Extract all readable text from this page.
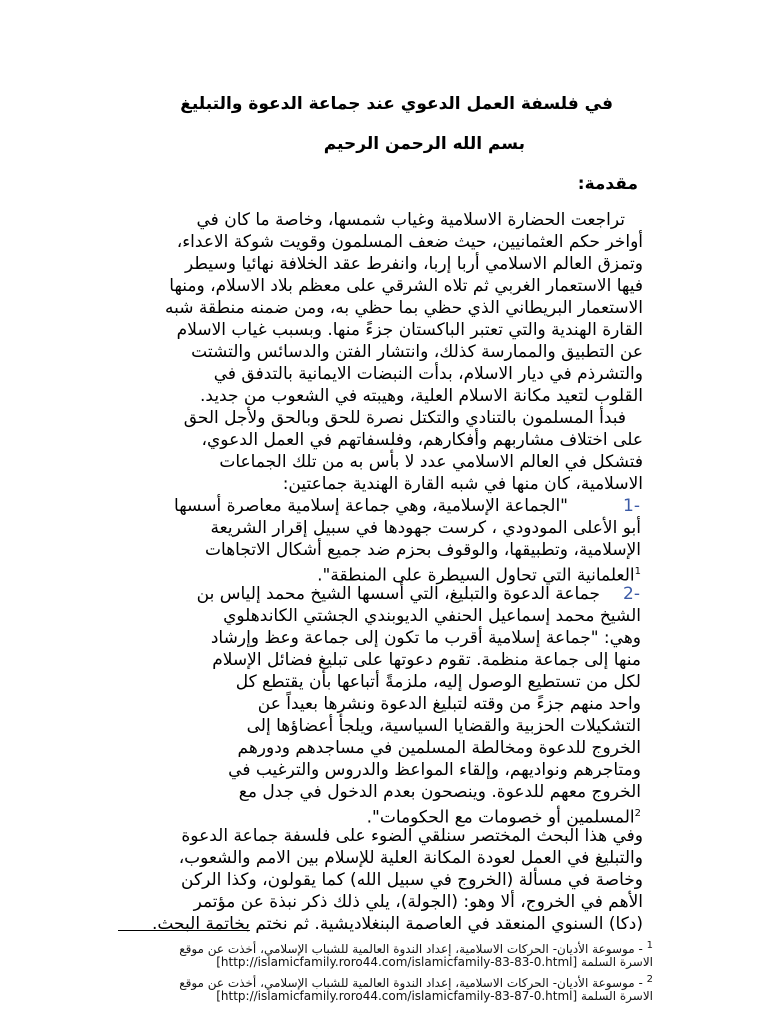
في فلسفة العمل الدعوي عند جماعة الدعوة والتبليغ
بسم الله الرحمن الرحيم
مقدمة:
تراجعت الحضارة الاسلامية وغياب شمسها، وخاصة ما كان في
أواخر حكم العثمانيين، حيث ضعف المسلمون وقويت شوكة الاعداء،
وتمزق العالم الاسلامي أربا إربا، وانفرط عقد الخلافة نهائيا وسيطر
فيها الاستعمار الغربي ثم تلاه الشرقي على معظم بلاد الاسلام، ومنها
الاستعمار البريطاني الذي حظي بما حظي به، ومن ضمنه منطقة شبه
القارة الهندية والتي تعتبر الباكستان جزءً منها. وبسبب غياب الاسلام
عن التطبيق والممارسة كذلك، وانتشار الفتن والدسائس والتشتت
والتشرذم في ديار الاسلام، بدأت النبضات الايمانية بالتدفق في
القلوب لتعيد مكانة الاسلام العلية، وهيبته في الشعوب من جديد.
فبدأ المسلمون بالتنادي والتكتل نصرة للحق وبالحق ولأجل الحق
على اختلاف مشاربهم وأفكارهم، وفلسفاتهم في العمل الدعوي،
فتشكل في العالم الاسلامي عدد لا بأس به من تلك الجماعات
الاسلامية، كان منها في شبه القارة الهندية جماعتين:
-1
"الجماعة الإسلامية، وهي جماعة إسلامية معاصرة أسسها
أبو الأعلى المودودي ، كرست جهودها في سبيل إقرار الشريعة
الإسلامية، وتطبيقها، والوقوف بحزم ضد جميع أشكال الاتجاهات
$^1$العلمانية التي تحاول السيطرة على المنطقة".
-2
جماعة الدعوة والتبليغ، التي أسسها الشيخ محمد إلياس بن
الشيخ محمد إسماعيل الحنفي الديوبندي الجشتي الكاندهلوي
وهي: "جماعة إسلامية أقرب ما تكون إلى جماعة وعظ وإرشاد
منها إلى جماعة منظمة. تقوم دعوتها على تبليغ فضائل الإسلام
لكل من تستطيع الوصول إليه، ملزمةً أتباعها بأن يقتطع كل
واحد منهم جزءً من وقته لتبليغ الدعوة ونشرها بعيداً عن
التشكيلات الحزبية والقضايا السياسية، ويلجأ أعضاؤها إلى
الخروج للدعوة ومخالطة المسلمين في مساجدهم ودورهم
ومتاجرهم ونواديهم، وإلقاء المواعظ والدروس والترغيب في
الخروج معهم للدعوة. وينصحون بعدم الدخول في جدل مع
$^2$المسلمين أو خصومات مع الحكومات".
وفي هذا البحث المختصر سنلقي الضوء على فلسفة جماعة الدعوة
والتبليغ في العمل لعودة المكانة العلية للإسلام بين الامم والشعوب،
وخاصة في مسألة (الخروج في سبيل الله) كما يقولون، وكذا الركن
الأهم في الخروج، ألا وهو: (الجولة)، يلي ذلك ذكر نبذة عن مؤتمر
(دكا) السنوي المنعقد في العاصمة البنغلاديشية. ثم نختم بخاتمة البحث.
$^1$ - موسوعة الأديان- الحركات الاسلامية، إعداد الندوة العالمية للشباب الإسلامي، أخذت عن موقع
الاسرة السلمة [http://islamicfamily.roro44.com/islamicfamily-83-83-0.html]
$^2$ - موسوعة الأديان- الحركات الاسلامية، إعداد الندوة العالمية للشباب الإسلامي، أخذت عن موقع
الاسرة السلمة [http://islamicfamily.roro44.com/islamicfamily-83-87-0.html]
